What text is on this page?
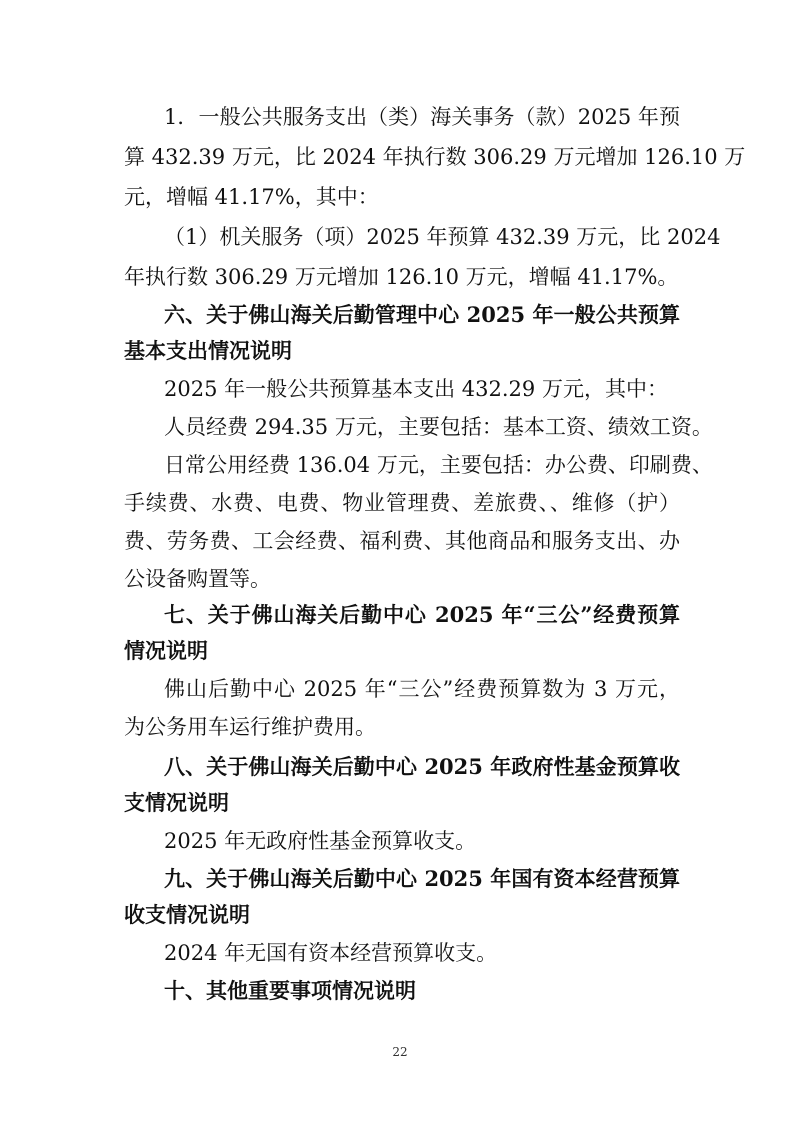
1．一般公共服务支出（类）海关事务（款）2025 年预
算 432.39 万元，比 2024 年执行数 306.29 万元增加 126.10 万
元，增幅 41.17%，其中：
（1）机关服务（项）2025 年预算 432.39 万元，比 2024
年执行数 306.29 万元增加 126.10 万元，增幅 41.17%。
六、关于佛山海关后勤管理中心 2025 年一般公共预算
基本支出情况说明
2025 年一般公共预算基本支出 432.29 万元，其中：
人员经费 294.35 万元，主要包括：基本工资、绩效工资。
日常公用经费 136.04 万元，主要包括：办公费、印刷费、
手续费、水费、电费、物业管理费、差旅费、、维修（护）
费、劳务费、工会经费、福利费、其他商品和服务支出、办
公设备购置等。
七、关于佛山海关后勤中心 2025 年“三公”经费预算
情况说明
佛山后勤中心 2025 年“三公”经费预算数为 3 万元，
为公务用车运行维护费用。
八、关于佛山海关后勤中心 2025 年政府性基金预算收
支情况说明
2025 年无政府性基金预算收支。
九、关于佛山海关后勤中心 2025 年国有资本经营预算
收支情况说明
2024 年无国有资本经营预算收支。
十、其他重要事项情况说明
22
